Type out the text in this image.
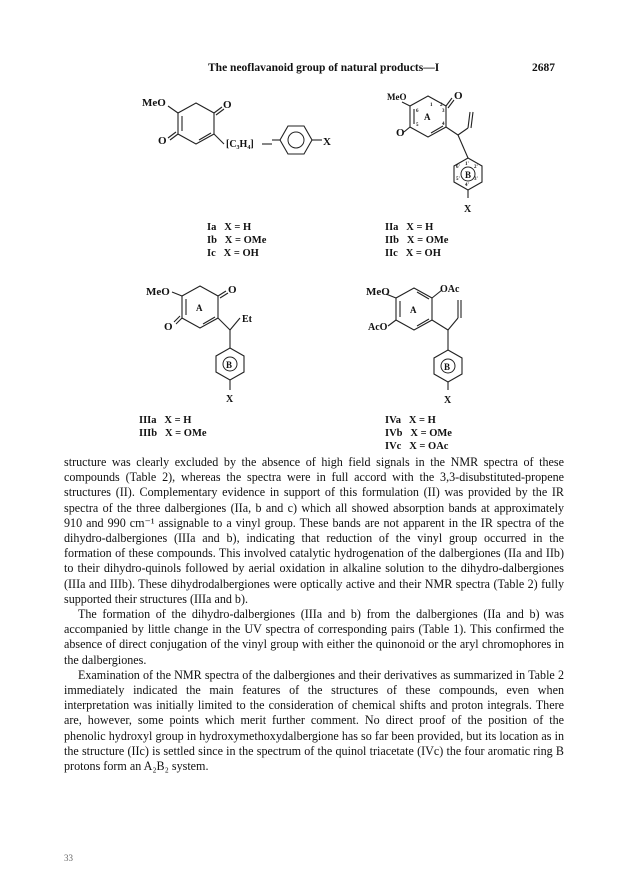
The neoflavanoid group of natural products—I	2687
MeO	O
O	[C₃H₄]	X
MeO	O
O
A
B
X
1 2
3
4
5
6
1'
2'
3'
4'
5'
6'
Ia   X = H
Ib   X = OMe
Ic   X = OH
IIa   X = H
IIb   X = OMe
IIc   X = OH
MeO	O
O
A
Et
B
X
MeO	OAc
AcO
A
B
X
IIIa   X = H
IIIb   X = OMe
IVa   X = H
IVb   X = OMe
IVc   X = OAc

structure was clearly excluded by the absence of high field signals in the NMR spectra of these compounds (Table 2), whereas the spectra were in full accord with the 3,3-disubstituted-propene structures (II). Complementary evidence in support of this formulation (II) was provided by the IR spectra of the three dalbergiones (IIa, b and c) which all showed absorption bands at approximately 910 and 990 cm⁻¹ assignable to a vinyl group. These bands are not apparent in the IR spectra of the dihydro-dalbergiones (IIIa and b), indicating that reduction of the vinyl group occurred in the formation of these compounds. This involved catalytic hydrogenation of the dalbergiones (IIa and IIb) to their dihydro-quinols followed by aerial oxidation in alkaline solution to the dihydro-dalbergiones (IIIa and IIIb). These dihydrodalbergiones were optically active and their NMR spectra (Table 2) fully supported their structures (IIIa and b).

The formation of the dihydro-dalbergiones (IIIa and b) from the dalbergiones (IIa and b) was accompanied by little change in the UV spectra of corresponding pairs (Table 1). This confirmed the absence of direct conjugation of the vinyl group with either the quinonoid or the aryl chromophores in the dalbergiones.

Examination of the NMR spectra of the dalbergiones and their derivatives as summarized in Table 2 immediately indicated the main features of the structures of these compounds, even when interpretation was initially limited to the consideration of chemical shifts and proton integrals. There are, however, some points which merit further comment. No direct proof of the position of the phenolic hydroxyl group in hydroxymethoxydalbergione has so far been provided, but its location as in the structure (IIc) is settled since in the spectrum of the quinol triacetate (IVc) the four aromatic ring B protons form an A₂B₂ system.

33
